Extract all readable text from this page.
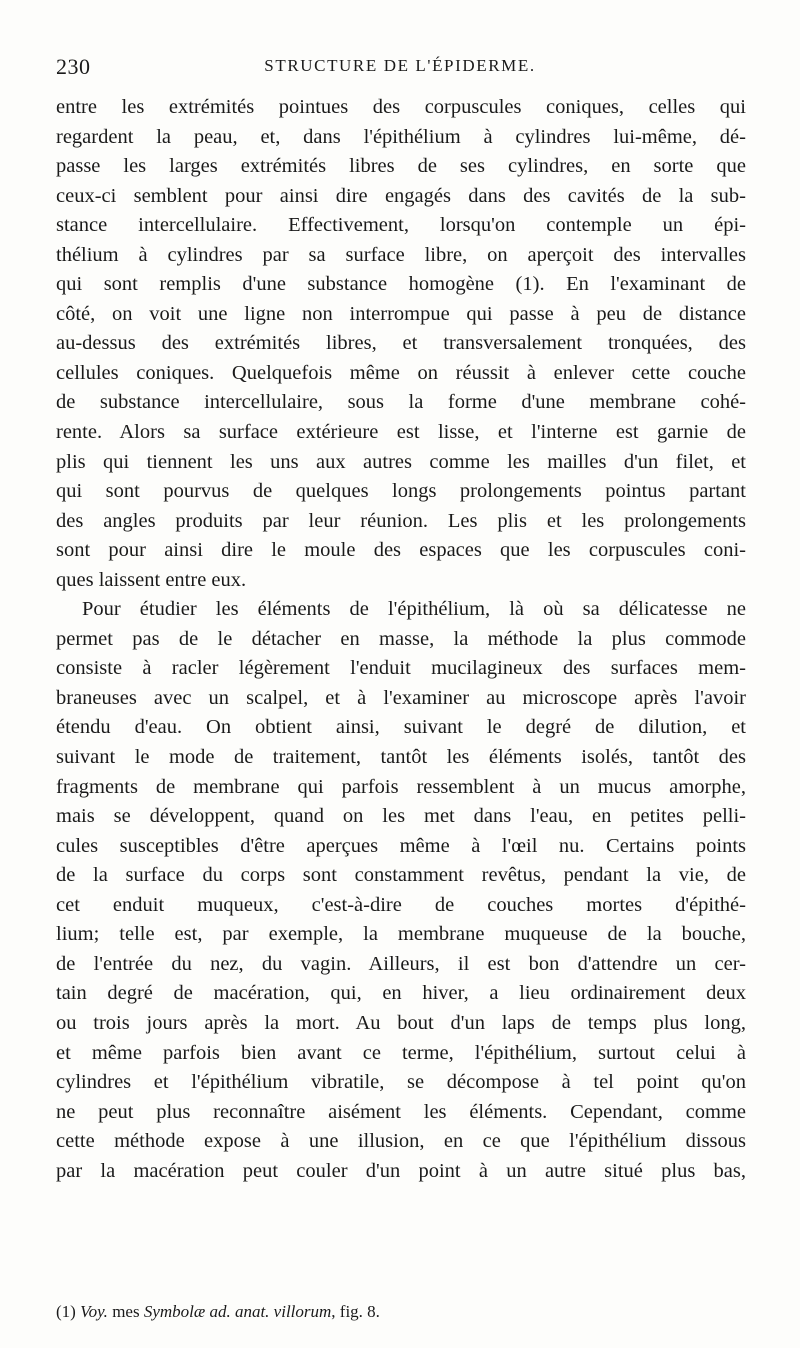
230	STRUCTURE DE L'ÉPIDERME.
entre les extrémités pointues des corpuscules coniques, celles qui
regardent la peau, et, dans l'épithélium à cylindres lui-même, dé-
passe les larges extrémités libres de ses cylindres, en sorte que
ceux-ci semblent pour ainsi dire engagés dans des cavités de la sub-
stance intercellulaire. Effectivement, lorsqu'on contemple un épi-
thélium à cylindres par sa surface libre, on aperçoit des intervalles
qui sont remplis d'une substance homogène (1). En l'examinant de
côté, on voit une ligne non interrompue qui passe à peu de distance
au-dessus des extrémités libres, et transversalement tronquées, des
cellules coniques. Quelquefois même on réussit à enlever cette couche
de substance intercellulaire, sous la forme d'une membrane cohé-
rente. Alors sa surface extérieure est lisse, et l'interne est garnie de
plis qui tiennent les uns aux autres comme les mailles d'un filet, et
qui sont pourvus de quelques longs prolongements pointus partant
des angles produits par leur réunion. Les plis et les prolongements
sont pour ainsi dire le moule des espaces que les corpuscules coni-
ques laissent entre eux.
Pour étudier les éléments de l'épithélium, là où sa délicatesse ne
permet pas de le détacher en masse, la méthode la plus commode
consiste à racler légèrement l'enduit mucilagineux des surfaces mem-
braneuses avec un scalpel, et à l'examiner au microscope après l'avoir
étendu d'eau. On obtient ainsi, suivant le degré de dilution, et
suivant le mode de traitement, tantôt les éléments isolés, tantôt des
fragments de membrane qui parfois ressemblent à un mucus amorphe,
mais se développent, quand on les met dans l'eau, en petites pelli-
cules susceptibles d'être aperçues même à l'œil nu. Certains points
de la surface du corps sont constamment revêtus, pendant la vie, de
cet enduit muqueux, c'est-à-dire de couches mortes d'épithé-
lium; telle est, par exemple, la membrane muqueuse de la bouche,
de l'entrée du nez, du vagin. Ailleurs, il est bon d'attendre un cer-
tain degré de macération, qui, en hiver, a lieu ordinairement deux
ou trois jours après la mort. Au bout d'un laps de temps plus long,
et même parfois bien avant ce terme, l'épithélium, surtout celui à
cylindres et l'épithélium vibratile, se décompose à tel point qu'on
ne peut plus reconnaître aisément les éléments. Cependant, comme
cette méthode expose à une illusion, en ce que l'épithélium dissous
par la macération peut couler d'un point à un autre situé plus bas,
(1) Voy. mes Symbolæ ad. anat. villorum, fig. 8.
